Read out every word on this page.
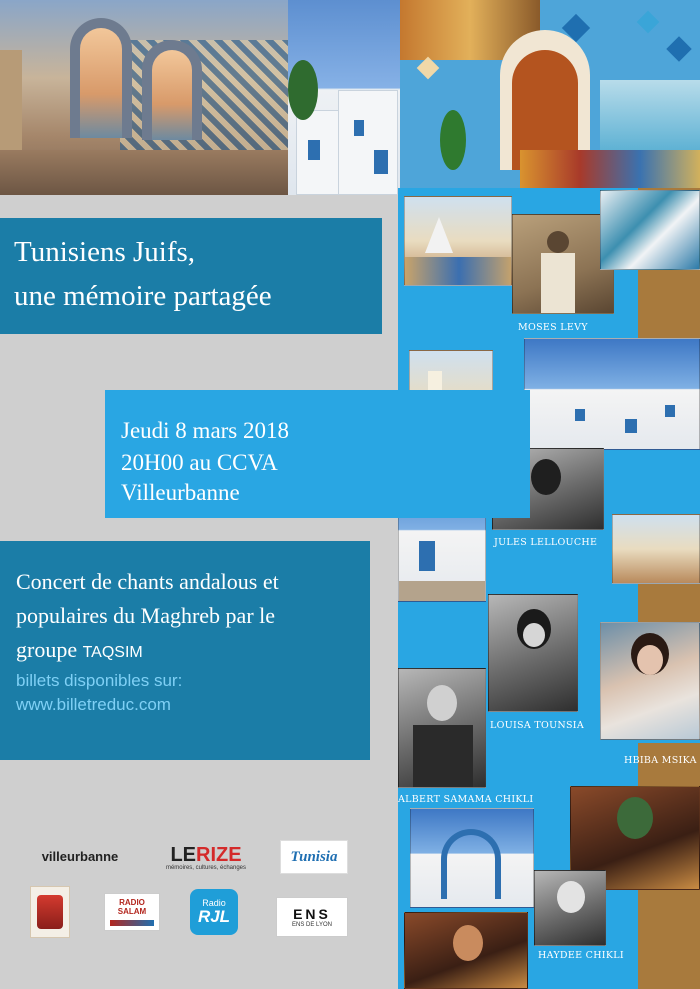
MOSES LEVY
JULES LELLOUCHE
LOUISA TOUNSIA
HBIBA MSIKA
ALBERT SAMAMA CHIKLI
HAYDEE CHIKLI
Tunisiens Juifs,
une mémoire partagée
Jeudi 8 mars 2018
20H00 au CCVA
Villeurbanne
Concert de chants andalous et
populaires du Maghreb par le
groupe TAQSIM
billets disponibles sur:
www.billetreduc.com
villeurbanne	LERIZE
mémoires, cultures, échanges
Tunisia
RADIO SALAM
Radio
RJL	ENS
ENS DE LYON
